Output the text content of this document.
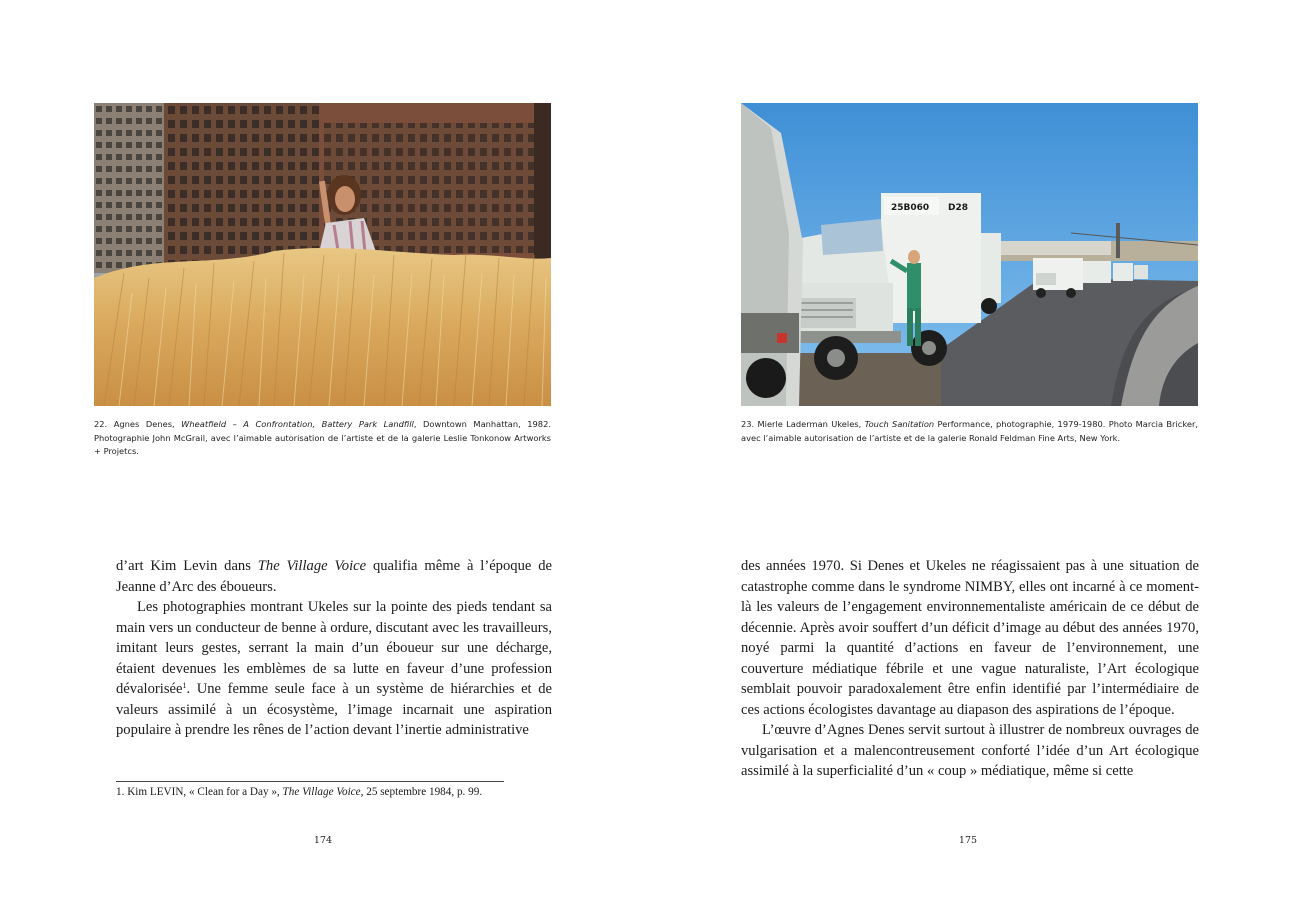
22. Agnes Denes, Wheatfield – A Confrontation, Battery Park Landfill, Downtown Manhattan, 1982. Photographie John McGrail, avec l’aimable autorisation de l’artiste et de la galerie Leslie Tonkonow Artworks + Projetcs.

d’art Kim Levin dans The Village Voice qualifia même à l’époque de Jeanne d’Arc des éboueurs.

Les photographies montrant Ukeles sur la pointe des pieds tendant sa main vers un conducteur de benne à ordure, discutant avec les travailleurs, imitant leurs gestes, serrant la main d’un éboueur sur une décharge, étaient devenues les emblèmes de sa lutte en faveur d’une profession dévalorisée$^1$. Une femme seule face à un système de hiérarchies et de valeurs assimilé à un écosystème, l’image incarnait une aspiration populaire à prendre les rênes de l’action devant l’inertie administrative

1. Kim LEVIN, « Clean for a Day », The Village Voice, 25 septembre 1984, p. 99.
174
25B060 D28
23. Mierle Laderman Ukeles, Touch Sanitation Performance, photographie, 1979-1980. Photo Marcia Bricker, avec l’aimable autorisation de l’artiste et de la galerie Ronald Feldman Fine Arts, New York.

des années 1970. Si Denes et Ukeles ne réagissaient pas à une situation de catastrophe comme dans le syndrome NIMBY, elles ont incarné à ce moment-là les valeurs de l’engagement environnementaliste américain de ce début de décennie. Après avoir souffert d’un déficit d’image au début des années 1970, noyé parmi la quantité d’actions en faveur de l’environnement, une couverture médiatique fébrile et une vague naturaliste, l’Art écologique semblait pouvoir paradoxalement être enfin identifié par l’intermédiaire de ces actions écologistes davantage au diapason des aspirations de l’époque.

L’œuvre d’Agnes Denes servit surtout à illustrer de nombreux ouvrages de vulgarisation et a malencontreusement conforté l’idée d’un Art écologique assimilé à la superficialité d’un « coup » médiatique, même si cette

175
